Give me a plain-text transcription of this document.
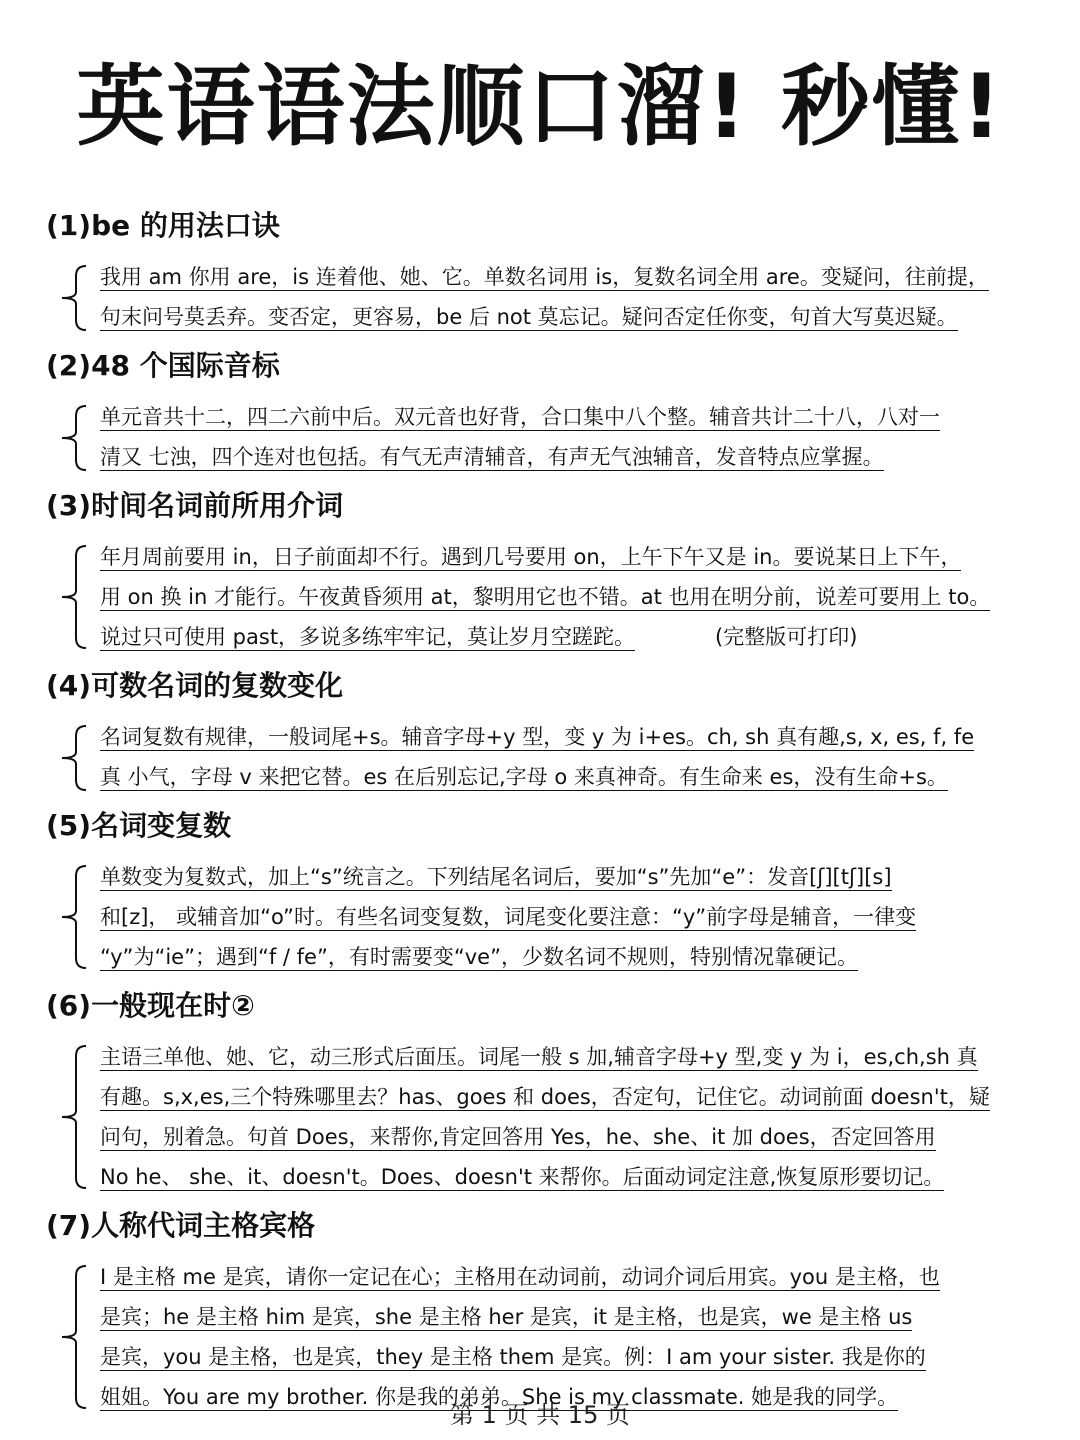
英语语法顺口溜! 秒懂!
(1)be 的用法口诀
我用 am 你用 are，is 连着他、她、它。单数名词用 is，复数名词全用 are。变疑问，往前提，
句末问号莫丢弃。变否定，更容易，be 后 not 莫忘记。疑问否定任你变，句首大写莫迟疑。
(2)48 个国际音标
单元音共十二，四二六前中后。双元音也好背，合口集中八个整。辅音共计二十八，八对一
清又 七浊，四个连对也包括。有气无声清辅音，有声无气浊辅音，发音特点应掌握。
(3)时间名词前所用介词
年月周前要用 in，日子前面却不行。遇到几号要用 on，上午下午又是 in。要说某日上下午，
用 on 换 in 才能行。午夜黄昏须用 at，黎明用它也不错。at 也用在明分前，说差可要用上 to。
说过只可使用 past，多说多练牢牢记，莫让岁月空蹉跎。	(完整版可打印)
(4)可数名词的复数变化
名词复数有规律，一般词尾+s。辅音字母+y 型，变 y 为 i+es。ch, sh 真有趣,s, x, es, f, fe
真 小气，字母 v 来把它替。es 在后别忘记,字母 o 来真神奇。有生命来 es，没有生命+s。
(5)名词变复数
单数变为复数式，加上“s”统言之。下列结尾名词后，要加“s”先加“e”：发音[ʃ][tʃ][s]
和[z]， 或辅音加“o”时。有些名词变复数，词尾变化要注意：“y”前字母是辅音，一律变
“y”为“ie”；遇到“f / fe”，有时需要变“ve”，少数名词不规则，特别情况靠硬记。
(6)一般现在时②
主语三单他、她、它，动三形式后面压。词尾一般 s 加,辅音字母+y 型,变 y 为 i，es,ch,sh 真
有趣。s,x,es,三个特殊哪里去？has、goes 和 does，否定句，记住它。动词前面 doesn't，疑
问句，别着急。句首 Does，来帮你,肯定回答用 Yes，he、she、it 加 does，否定回答用
No he、 she、it、doesn't。Does、doesn't 来帮你。后面动词定注意,恢复原形要切记。
(7)人称代词主格宾格
I 是主格 me 是宾，请你一定记在心；主格用在动词前，动词介词后用宾。you 是主格，也
是宾；he 是主格 him 是宾，she 是主格 her 是宾，it 是主格，也是宾，we 是主格 us
是宾，you 是主格，也是宾，they 是主格 them 是宾。例：I am your sister. 我是你的
姐姐。You are my brother. 你是我的弟弟。She is my classmate. 她是我的同学。
第 1 页 共 15 页
